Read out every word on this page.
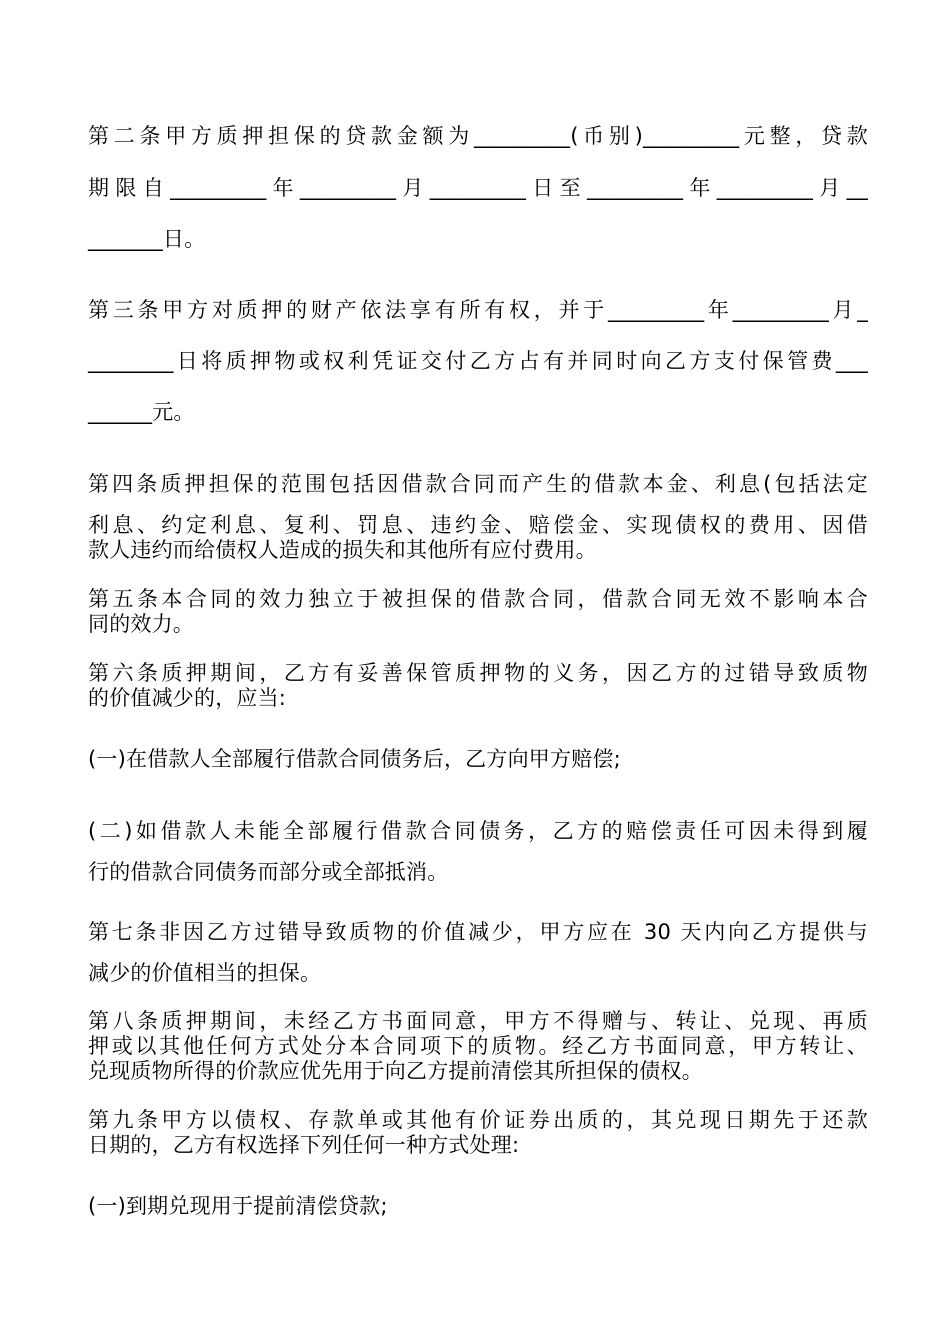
第二条甲方质押担保的贷款金额为_________(币别)_________元整，贷款
期限自_________年_________月_________日至_________年_________月__
_______日。
第三条甲方对质押的财产依法享有所有权，并于_________年_________月_
________日将质押物或权利凭证交付乙方占有并同时向乙方支付保管费___
______元。
第四条质押担保的范围包括因借款合同而产生的借款本金、利息(包括法定
利息、约定利息、复利、罚息、违约金、赔偿金、实现债权的费用、因借
款人违约而给债权人造成的损失和其他所有应付费用。
第五条本合同的效力独立于被担保的借款合同，借款合同无效不影响本合
同的效力。
第六条质押期间，乙方有妥善保管质押物的义务，因乙方的过错导致质物
的价值减少的，应当:
(一)在借款人全部履行借款合同债务后，乙方向甲方赔偿;
(二)如借款人未能全部履行借款合同债务，乙方的赔偿责任可因未得到履
行的借款合同债务而部分或全部抵消。
第七条非因乙方过错导致质物的价值减少，甲方应在 30 天内向乙方提供与
减少的价值相当的担保。
第八条质押期间，未经乙方书面同意，甲方不得赠与、转让、兑现、再质
押或以其他任何方式处分本合同项下的质物。经乙方书面同意，甲方转让、
兑现质物所得的价款应优先用于向乙方提前清偿其所担保的债权。
第九条甲方以债权、存款单或其他有价证券出质的，其兑现日期先于还款
日期的，乙方有权选择下列任何一种方式处理:
(一)到期兑现用于提前清偿贷款;
